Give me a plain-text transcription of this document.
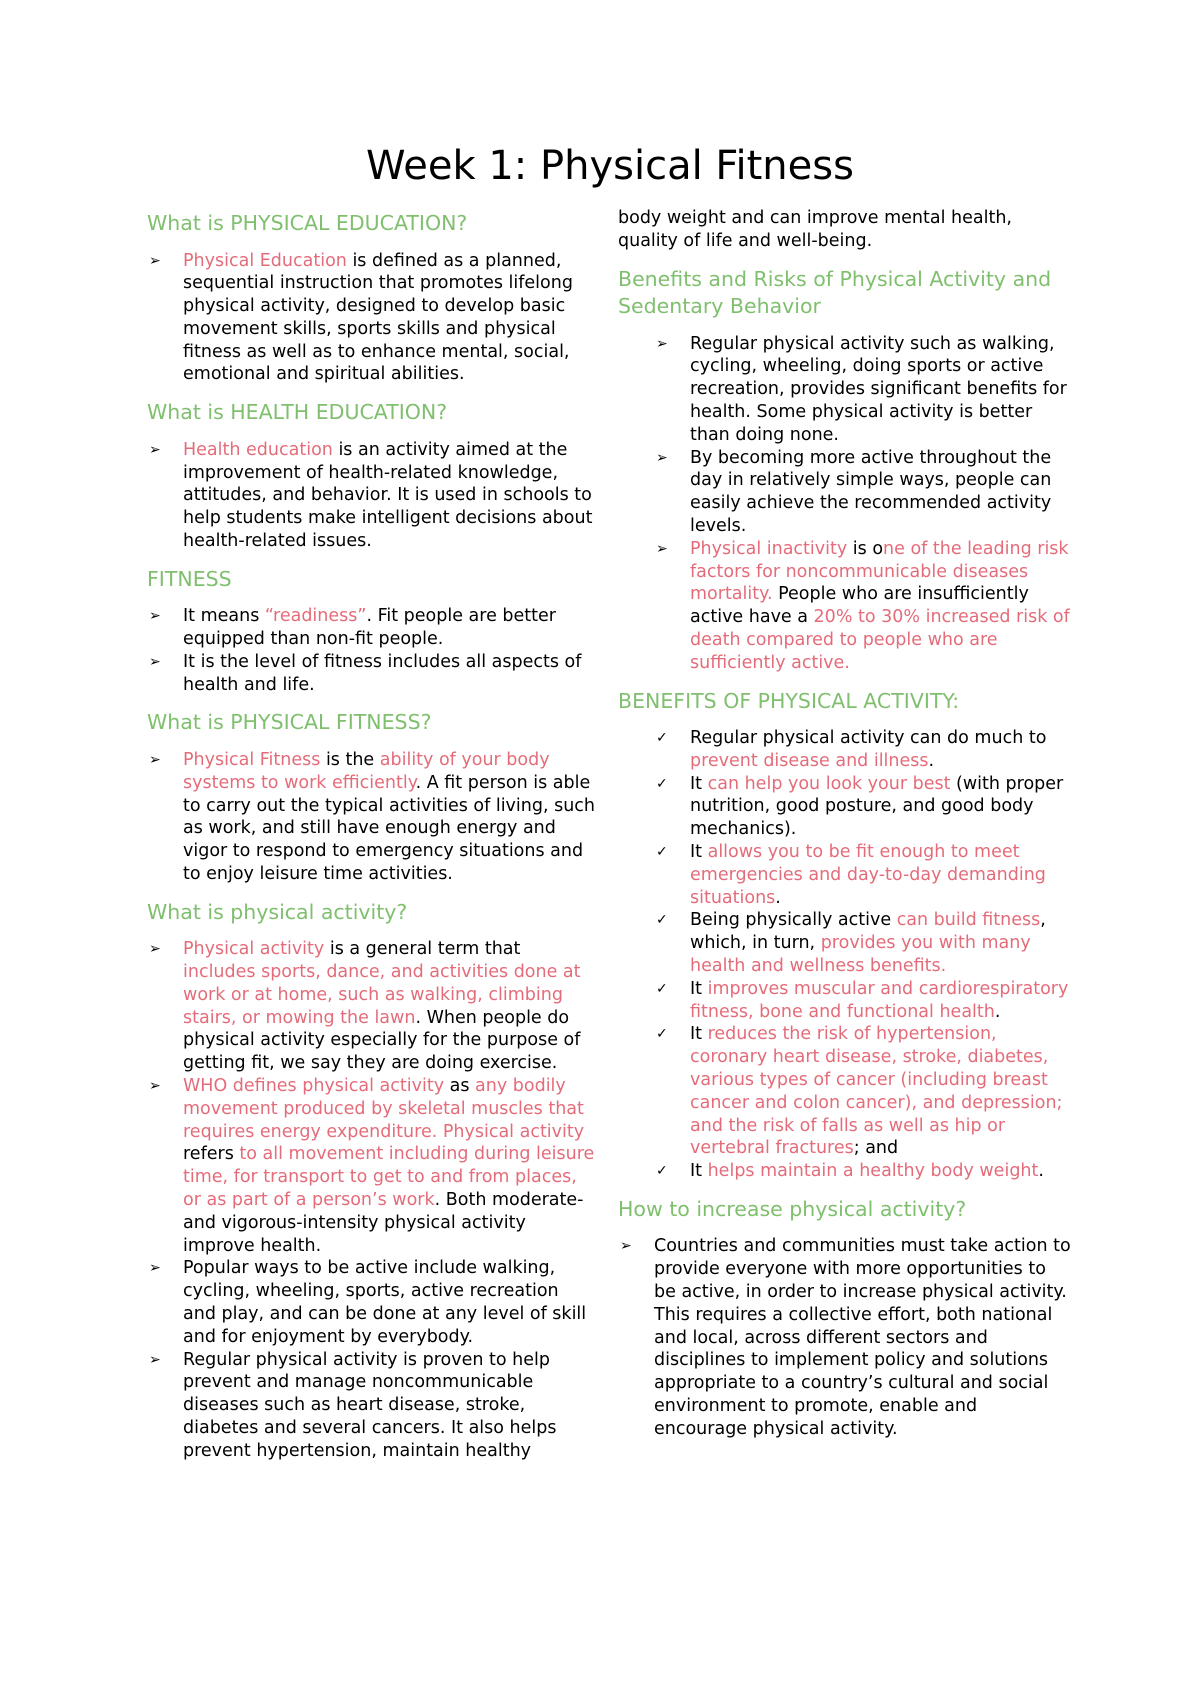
Week 1: Physical Fitness
What is PHYSICAL EDUCATION?
➢	Physical Education is defined as a planned, sequential instruction that promotes lifelong physical activity, designed to develop basic movement skills, sports skills and physical fitness as well as to enhance mental, social, emotional and spiritual abilities.
What is HEALTH EDUCATION?
➢	Health education is an activity aimed at the improvement of health-related knowledge, attitudes, and behavior. It is used in schools to help students make intelligent decisions about health-related issues.
FITNESS
➢	It means “readiness”. Fit people are better equipped than non-fit people.
➢	It is the level of fitness includes all aspects of health and life.
What is PHYSICAL FITNESS?
➢	Physical Fitness is the ability of your body systems to work efficiently. A fit person is able to carry out the typical activities of living, such as work, and still have enough energy and vigor to respond to emergency situations and to enjoy leisure time activities.
What is physical activity?
➢	Physical activity is a general term that includes sports, dance, and activities done at work or at home, such as walking, climbing stairs, or mowing the lawn. When people do physical activity especially for the purpose of getting fit, we say they are doing exercise.
➢	WHO defines physical activity as any bodily movement produced by skeletal muscles that requires energy expenditure. Physical activity refers to all movement including during leisure time, for transport to get to and from places, or as part of a person’s work. Both moderate- and vigorous-intensity physical activity improve health.
➢	Popular ways to be active include walking, cycling, wheeling, sports, active recreation and play, and can be done at any level of skill and for enjoyment by everybody.
➢	Regular physical activity is proven to help prevent and manage noncommunicable diseases such as heart disease, stroke, diabetes and several cancers. It also helps prevent hypertension, maintain healthy

body weight and can improve mental health, quality of life and well-being.

Benefits and Risks of Physical Activity and Sedentary Behavior
➢	Regular physical activity such as walking, cycling, wheeling, doing sports or active recreation, provides significant benefits for health. Some physical activity is better than doing none.
➢	By becoming more active throughout the day in relatively simple ways, people can easily achieve the recommended activity levels.
➢	Physical inactivity is one of the leading risk factors for noncommunicable diseases mortality. People who are insufficiently active have a 20% to 30% increased risk of death compared to people who are sufficiently active.
BENEFITS OF PHYSICAL ACTIVITY:
✓	Regular physical activity can do much to prevent disease and illness.
✓	It can help you look your best (with proper nutrition, good posture, and good body mechanics).
✓	It allows you to be fit enough to meet emergencies and day-to-day demanding situations.
✓	Being physically active can build fitness, which, in turn, provides you with many health and wellness benefits.
✓	It improves muscular and cardiorespiratory fitness, bone and functional health.
✓	It reduces the risk of hypertension, coronary heart disease, stroke, diabetes, various types of cancer (including breast cancer and colon cancer), and depression; and the risk of falls as well as hip or vertebral fractures; and
✓	It helps maintain a healthy body weight.
How to increase physical activity?
➢	Countries and communities must take action to provide everyone with more opportunities to be active, in order to increase physical activity. This requires a collective effort, both national and local, across different sectors and disciplines to implement policy and solutions appropriate to a country’s cultural and social environment to promote, enable and encourage physical activity.
